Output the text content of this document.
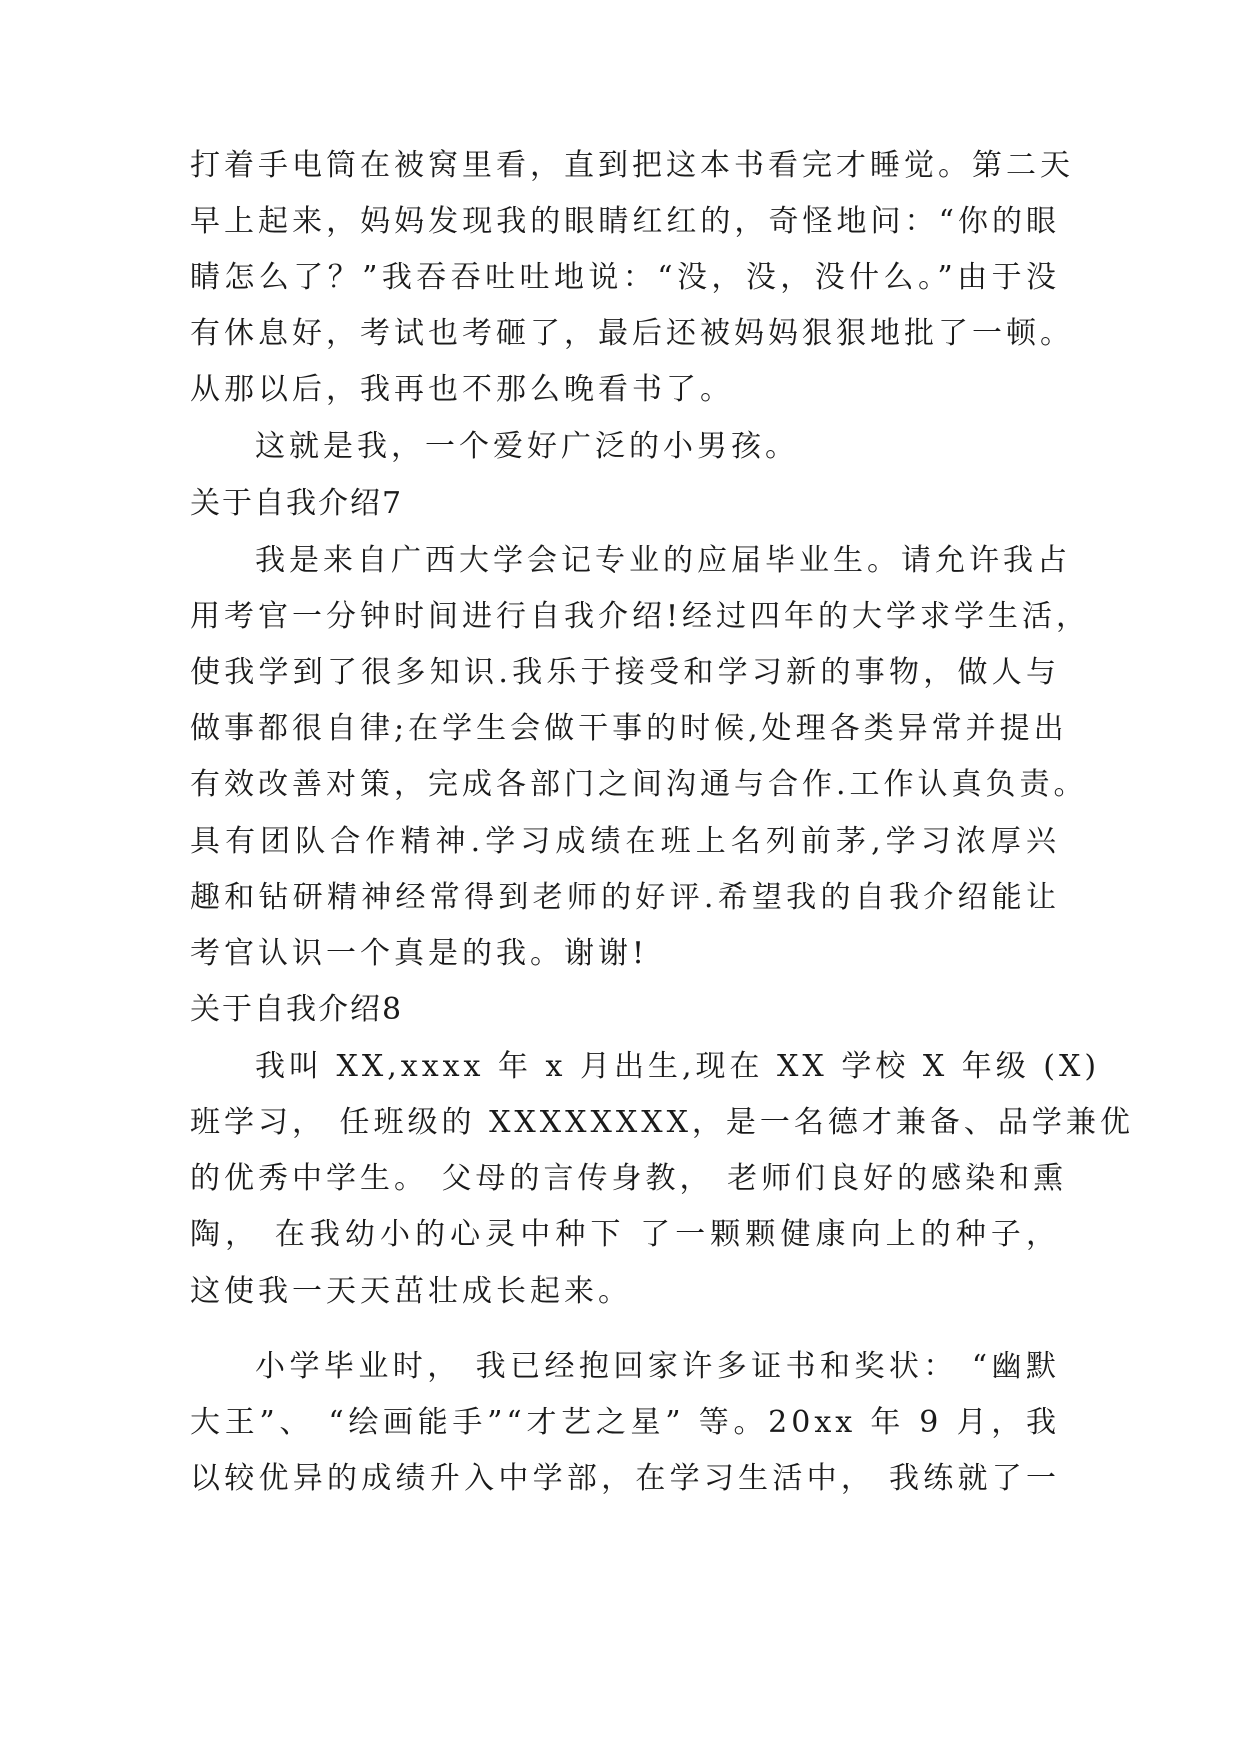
打着手电筒在被窝里看，直到把这本书看完才睡觉。第二天
早上起来，妈妈发现我的眼睛红红的，奇怪地问：“你的眼
睛怎么了？”我吞吞吐吐地说：“没，没，没什么。”由于没
有休息好，考试也考砸了，最后还被妈妈狠狠地批了一顿。
从那以后，我再也不那么晚看书了。
这就是我，一个爱好广泛的小男孩。
关于自我介绍7
我是来自广西大学会记专业的应届毕业生。请允许我占
用考官一分钟时间进行自我介绍!经过四年的大学求学生活，
使我学到了很多知识.我乐于接受和学习新的事物，做人与
做事都很自律;在学生会做干事的时候,处理各类异常并提出
有效改善对策，完成各部门之间沟通与合作.工作认真负责。
具有团队合作精神.学习成绩在班上名列前茅,学习浓厚兴
趣和钻研精神经常得到老师的好评.希望我的自我介绍能让
考官认识一个真是的我。谢谢!
关于自我介绍8
我叫 XX,xxxx 年 x 月出生,现在 XX 学校 X 年级 (X)
班学习， 任班级的 XXXXXXXX，是一名德才兼备、品学兼优
的优秀中学生。 父母的言传身教， 老师们良好的感染和熏
陶， 在我幼小的心灵中种下 了一颗颗健康向上的种子，
这使我一天天茁壮成长起来。
小学毕业时， 我已经抱回家许多证书和奖状： “幽默
大王”、 “绘画能手”“才艺之星” 等。20xx 年 9 月，我
以较优异的成绩升入中学部，在学习生活中， 我练就了一
